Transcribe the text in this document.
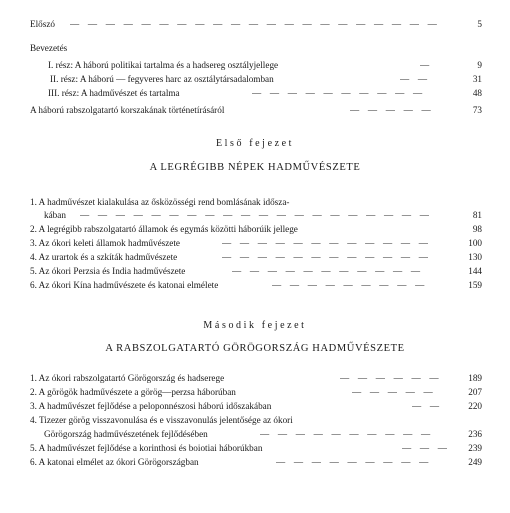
Előszó — — — — — — — — — — — — — — — — — — — — —	5
Bevezetés
I. rész: A háború politikai tartalma és a hadsereg osztályjellege	—	9
II. rész: A háború — fegyveres harc az osztálytársadalomban	— —	31
III. rész: A hadművészet és tartalma	— — — — — — — — — —	48
A háború rabszolgatartó korszakának történetírásáról	— — — — —	73
Első fejezet
A LEGRÉGIBB NÉPEK HADMŰVÉSZETE
1. A hadművészet kialakulása az ősközösségi rend bomlásának idősza-
kában — — — — — — — — — — — — — — — — — — — —	81
2. A legrégibb rabszolgatartó államok és egymás közötti háborúik jellege	98
3. Az ókori keleti államok hadművészete	— — — — — — — — — — — —	100
4. Az urartok és a szkíták hadművészete	— — — — — — — — — — — —	130
5. Az ókori Perzsia és India hadművészete	— — — — — — — — — — —	144
6. Az ókori Kína hadművészete és katonai elmélete	— — — — — — — — —	159
Második fejezet
A RABSZOLGATARTÓ GÖRÖGORSZÁG HADMŰVÉSZETE
1. Az ókori rabszolgatartó Görögország és hadserege	— — — — — —	189
2. A görögök hadművészete a görög—perzsa háborúban	— — — — —	207
3. A hadművészet fejlődése a peloponnészosi háború időszakában	— —	220
4. Tizezer görög visszavonulása és e visszavonulás jelentősége az ókori
Görögország hadművészetének fejlődésében	— — — — — — — — — —	236
5. A hadművészet fejlődése a korinthosi és boiotiai háborúkban	— — —	239
6. A katonai elmélet az ókori Görögországban	— — — — — — — — —	249
